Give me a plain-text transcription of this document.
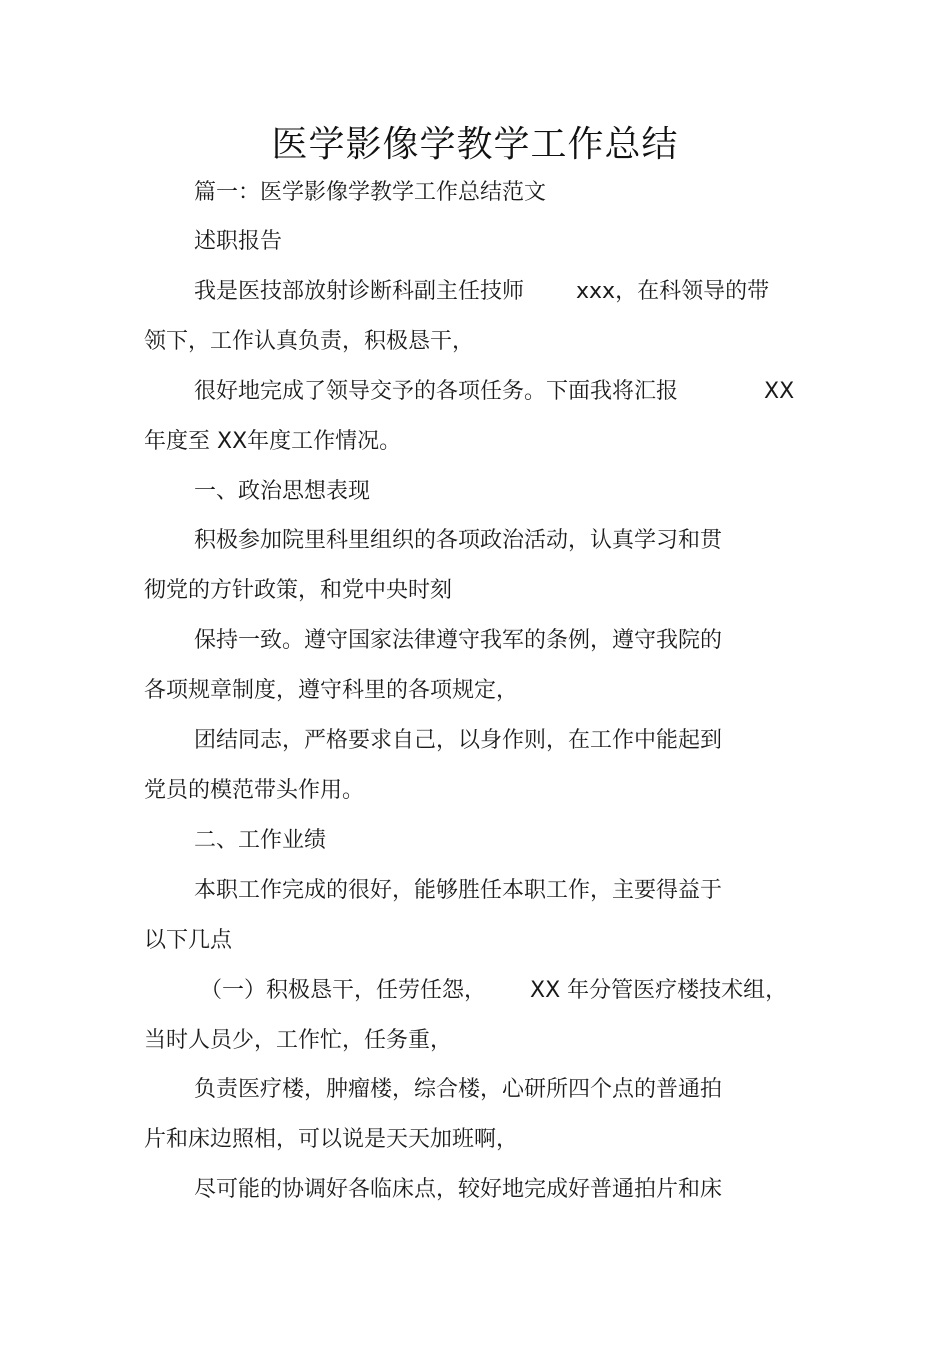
医学影像学教学工作总结
篇一：医学影像学教学工作总结范文
述职报告
我是医技部放射诊断科副主任技师 xxx，在科领导的带
领下，工作认真负责，积极恳干，
很好地完成了领导交予的各项任务。下面我将汇报	XX
年度至 XX年度工作情况。
一、政治思想表现
积极参加院里科里组织的各项政治活动，认真学习和贯
彻党的方针政策，和党中央时刻
保持一致。遵守国家法律遵守我军的条例，遵守我院的
各项规章制度，遵守科里的各项规定，
团结同志，严格要求自己，以身作则，在工作中能起到
党员的模范带头作用。
二、工作业绩
本职工作完成的很好，能够胜任本职工作，主要得益于
以下几点
（一）积极恳干，任劳任怨， XX 年分管医疗楼技术组，
当时人员少，工作忙，任务重，
负责医疗楼，肿瘤楼，综合楼，心研所四个点的普通拍
片和床边照相，可以说是天天加班啊，
尽可能的协调好各临床点，较好地完成好普通拍片和床
